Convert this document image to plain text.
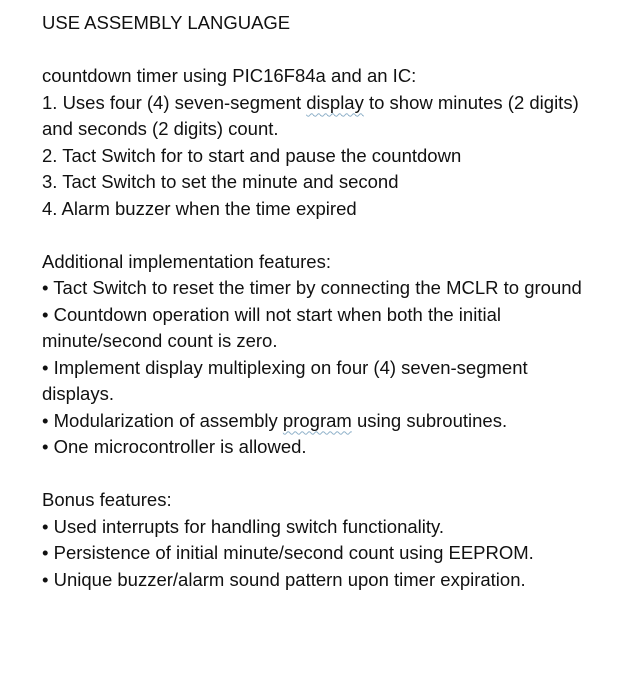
USE ASSEMBLY LANGUAGE

countdown timer using PIC16F84a and an IC:

1. Uses four (4) seven-segment display to show minutes (2 digits) and seconds (2 digits) count.

2. Tact Switch for to start and pause the countdown

3. Tact Switch to set the minute and second

4. Alarm buzzer when the time expired

Additional implementation features:

• Tact Switch to reset the timer by connecting the MCLR to ground

• Countdown operation will not start when both the initial minute/second count is zero.

• Implement display multiplexing on four (4) seven-segment displays.

• Modularization of assembly program using subroutines.

• One microcontroller is allowed.

Bonus features:

• Used interrupts for handling switch functionality.

• Persistence of initial minute/second count using EEPROM.

• Unique buzzer/alarm sound pattern upon timer expiration.
